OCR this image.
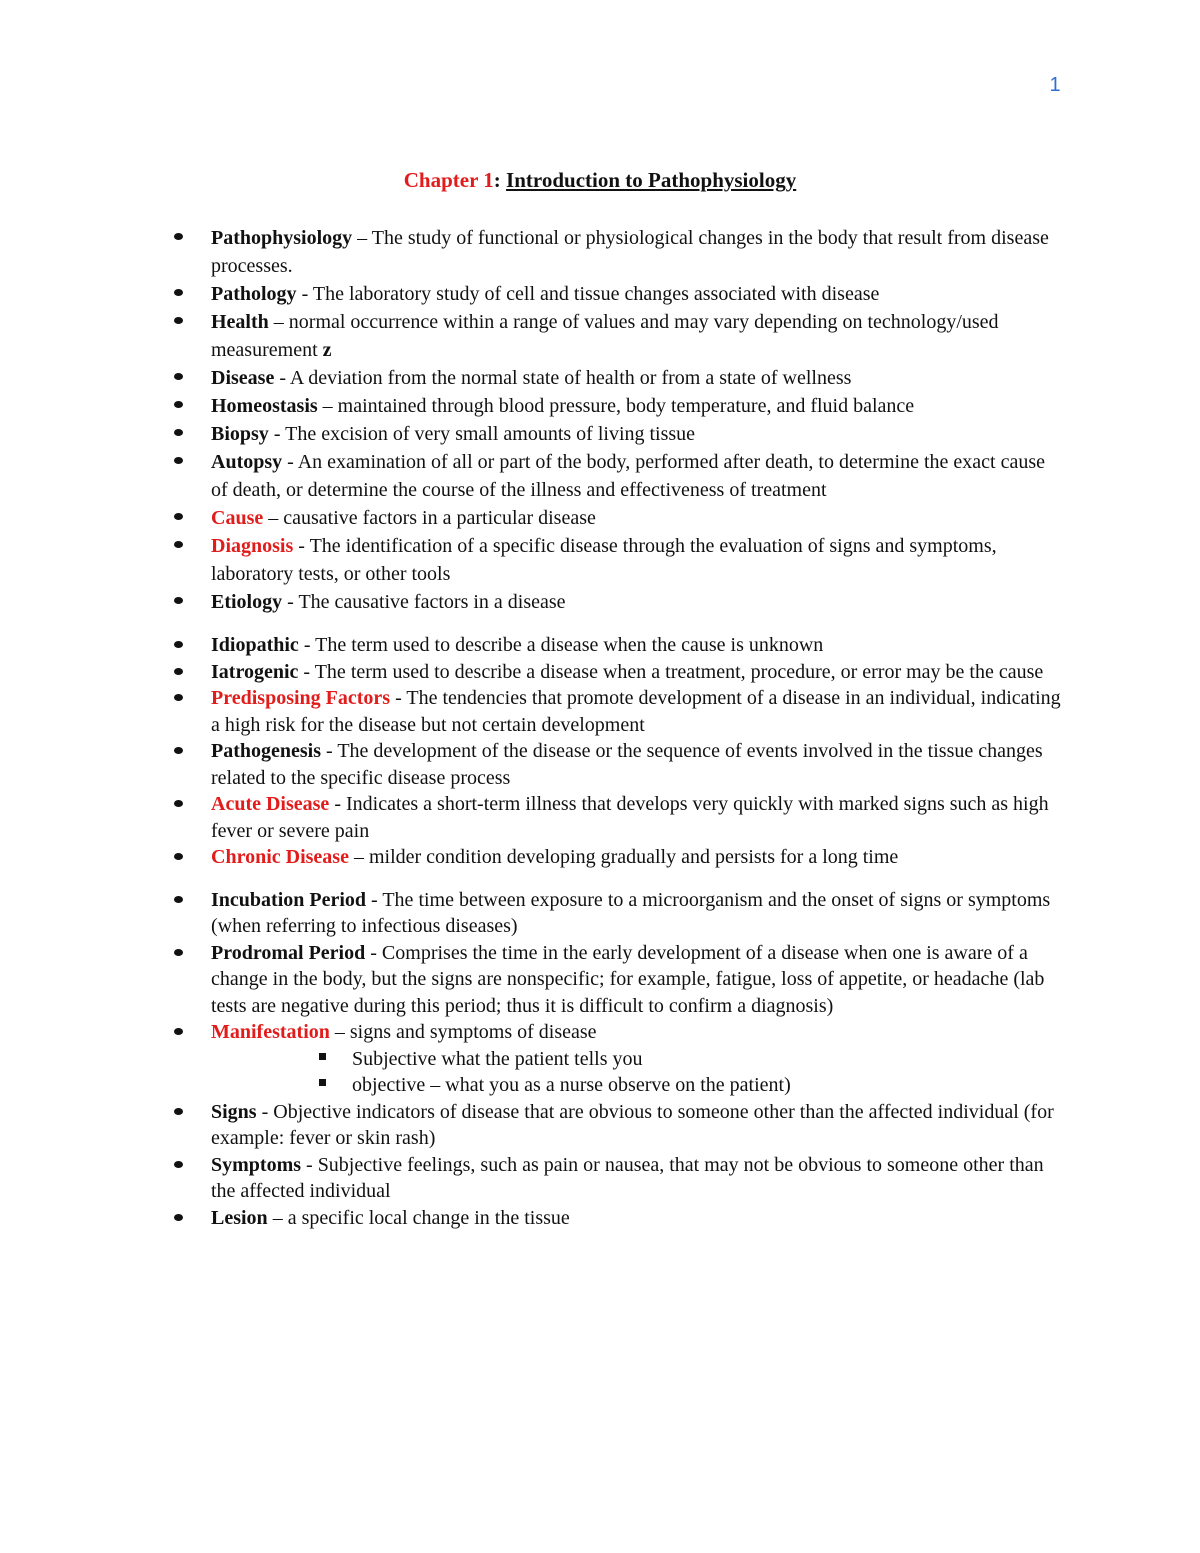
1
Chapter 1: Introduction to Pathophysiology
Pathophysiology – The study of functional or physiological changes in the body that result from disease processes.
Pathology - The laboratory study of cell and tissue changes associated with disease
Health – normal occurrence within a range of values and may vary depending on technology/used measurement z
Disease - A deviation from the normal state of health or from a state of wellness
Homeostasis – maintained through blood pressure, body temperature, and fluid balance
Biopsy - The excision of very small amounts of living tissue
Autopsy - An examination of all or part of the body, performed after death, to determine the exact cause of death, or determine the course of the illness and effectiveness of treatment
Cause – causative factors in a particular disease
Diagnosis - The identification of a specific disease through the evaluation of signs and symptoms, laboratory tests, or other tools
Etiology - The causative factors in a disease
Idiopathic - The term used to describe a disease when the cause is unknown
Iatrogenic - The term used to describe a disease when a treatment, procedure, or error may be the cause
Predisposing Factors - The tendencies that promote development of a disease in an individual, indicating a high risk for the disease but not certain development
Pathogenesis - The development of the disease or the sequence of events involved in the tissue changes related to the specific disease process
Acute Disease - Indicates a short-term illness that develops very quickly with marked signs such as high fever or severe pain
Chronic Disease – milder condition developing gradually and persists for a long time
Incubation Period - The time between exposure to a microorganism and the onset of signs or symptoms (when referring to infectious diseases)
Prodromal Period - Comprises the time in the early development of a disease when one is aware of a change in the body, but the signs are nonspecific; for example, fatigue, loss of appetite, or headache (lab tests are negative during this period; thus it is difficult to confirm a diagnosis)
Manifestation – signs and symptoms of disease
Subjective what the patient tells you
objective – what you as a nurse observe on the patient)
Signs - Objective indicators of disease that are obvious to someone other than the affected individual (for example: fever or skin rash)
Symptoms - Subjective feelings, such as pain or nausea, that may not be obvious to someone other than the affected individual
Lesion – a specific local change in the tissue
